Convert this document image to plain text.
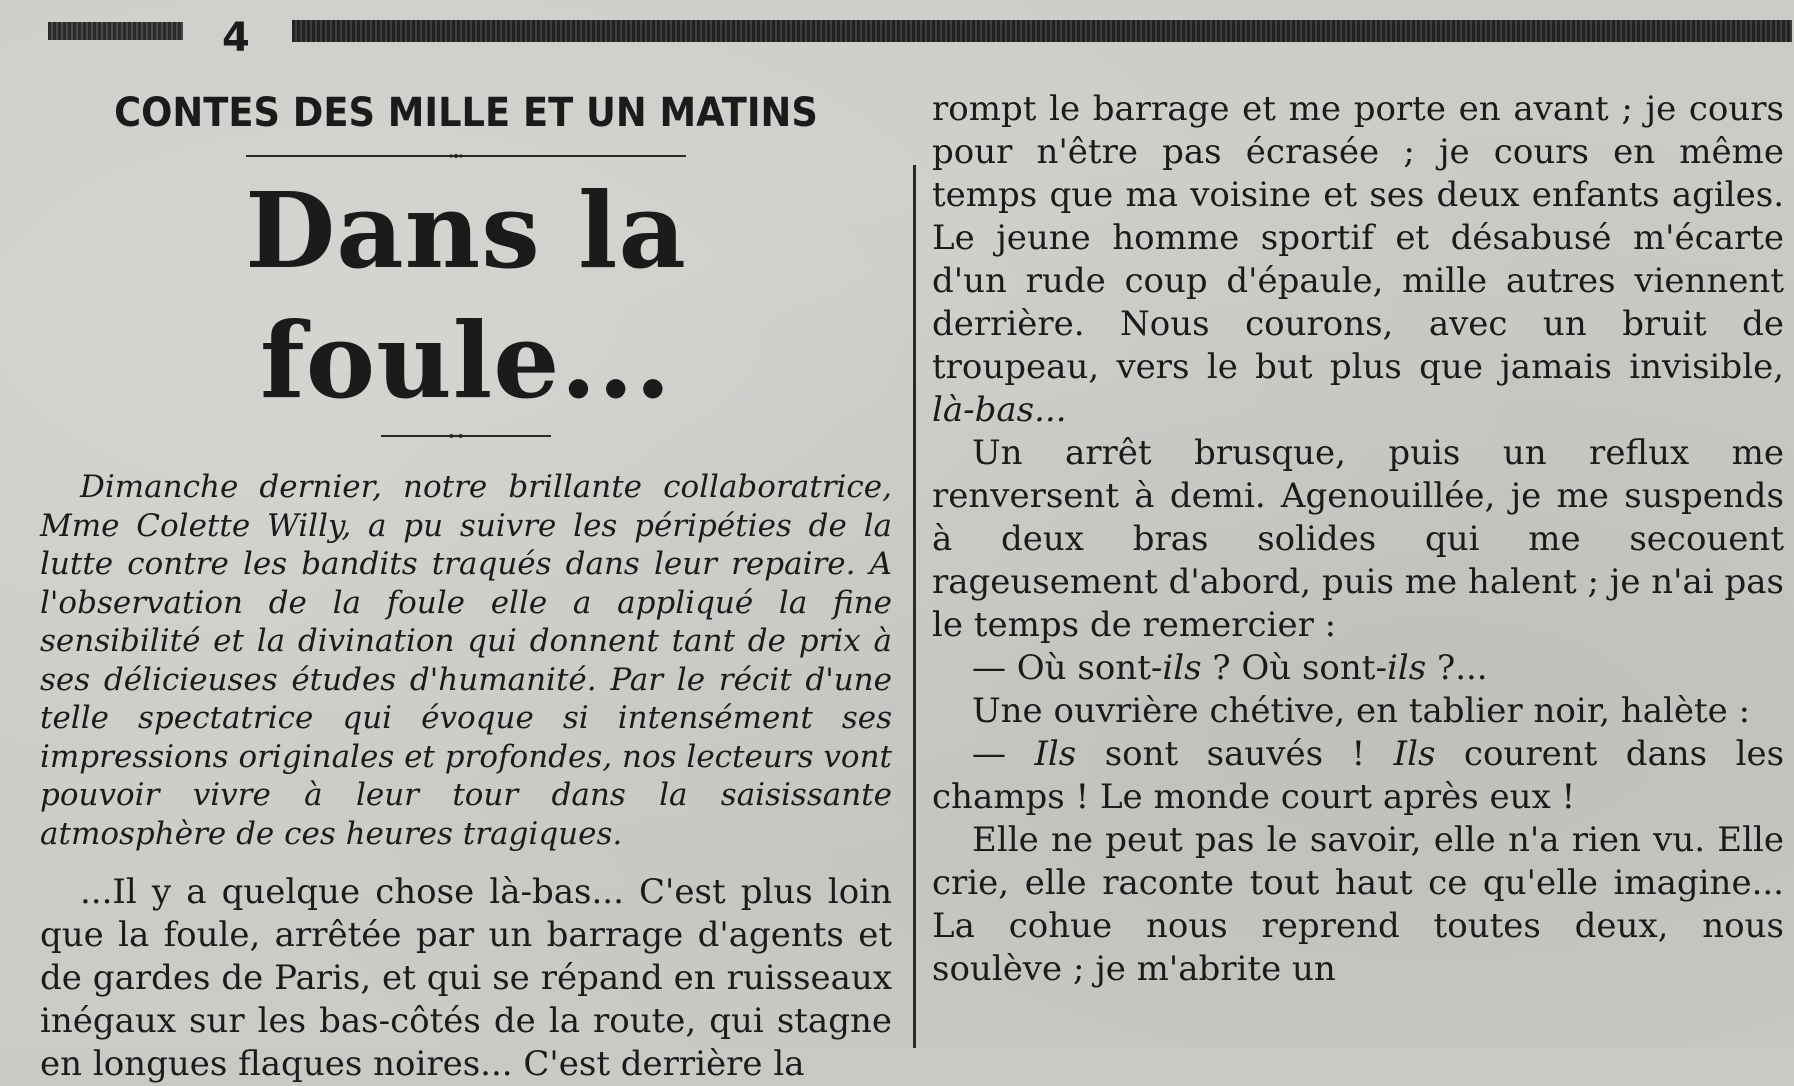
4
CONTES DES MILLE ET UN MATINS
Dans la foule...

Dimanche dernier, notre brillante collaboratrice, Mme Colette Willy, a pu suivre les péripéties de la lutte contre les bandits traqués dans leur repaire. A l'observation de la foule elle a appliqué la fine sensibilité et la divination qui donnent tant de prix à ses délicieuses études d'humanité. Par le récit d'une telle spectatrice qui évoque si intensément ses impressions originales et profondes, nos lecteurs vont pouvoir vivre à leur tour dans la saisissante atmosphère de ces heures tragiques.

...Il y a quelque chose là-bas... C'est plus loin que la foule, arrêtée par un barrage d'agents et de gardes de Paris, et qui se répand en ruisseaux inégaux sur les bas-côtés de la route, qui stagne en longues flaques noires... C'est derrière la

rompt le barrage et me porte en avant ; je cours pour n'être pas écrasée ; je cours en même temps que ma voisine et ses deux enfants agiles. Le jeune homme sportif et désabusé m'écarte d'un rude coup d'épaule, mille autres viennent derrière. Nous courons, avec un bruit de troupeau, vers le but plus que jamais invisible, là-bas...

Un arrêt brusque, puis un reflux me renversent à demi. Agenouillée, je me suspends à deux bras solides qui me secouent rageusement d'abord, puis me halent ; je n'ai pas le temps de remercier :

— Où sont-ils ? Où sont-ils ?...

Une ouvrière chétive, en tablier noir, halète :

— Ils sont sauvés ! Ils courent dans les champs ! Le monde court après eux !

Elle ne peut pas le savoir, elle n'a rien vu. Elle crie, elle raconte tout haut ce qu'elle imagine... La cohue nous reprend toutes deux, nous soulève ; je m'abrite un
